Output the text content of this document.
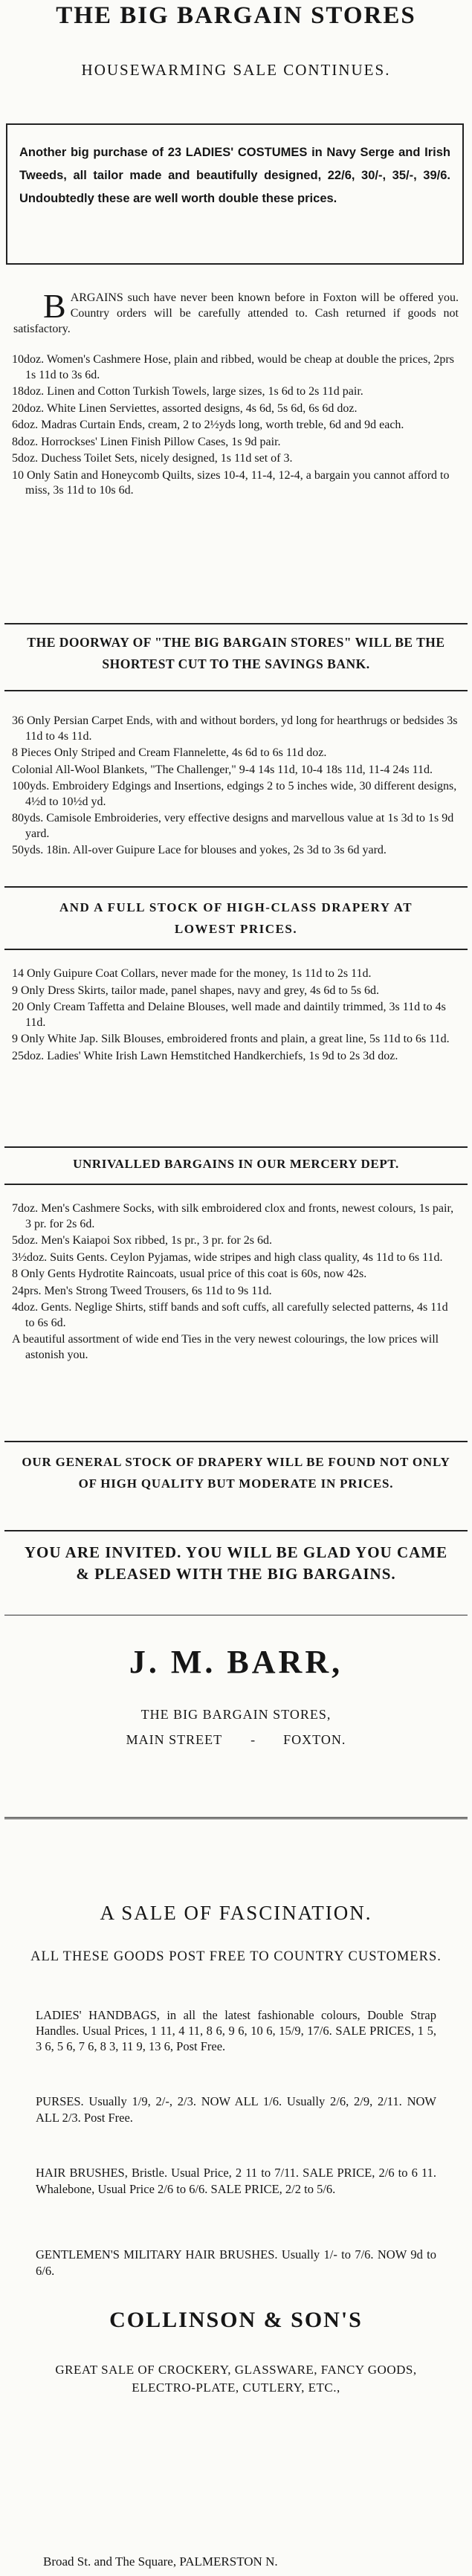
THE BIG BARGAIN STORES
HOUSEWARMING SALE CONTINUES.

Another big purchase of 23 LADIES' COSTUMES in Navy Serge and Irish Tweeds, all tailor made and beautifully designed, 22/6, 30/-, 35/-, 39/6. Undoubtedly these are well worth double these prices.

B ARGAINS such have never been known before in Foxton will be offered you. Country orders will be carefully attended to. Cash returned if goods not satisfactory.

10doz. Women's Cashmere Hose, plain and ribbed, would be cheap at double the prices, 2prs 1s 11d to 3s 6d.

18doz. Linen and Cotton Turkish Towels, large sizes, 1s 6d to 2s 11d pair.

20doz. White Linen Serviettes, assorted designs, 4s 6d, 5s 6d, 6s 6d doz.

6doz. Madras Curtain Ends, cream, 2 to 2½yds long, worth treble, 6d and 9d each.

8doz. Horrockses' Linen Finish Pillow Cases, 1s 9d pair.

5doz. Duchess Toilet Sets, nicely designed, 1s 11d set of 3.

10 Only Satin and Honeycomb Quilts, sizes 10-4, 11-4, 12-4, a bargain you cannot afford to miss, 3s 11d to 10s 6d.

THE DOORWAY OF "THE BIG BARGAIN STORES" WILL BE THE SHORTEST CUT TO THE SAVINGS BANK.

36 Only Persian Carpet Ends, with and without borders, yd long for hearthrugs or bedsides 3s 11d to 4s 11d.

8 Pieces Only Striped and Cream Flannelette, 4s 6d to 6s 11d doz.

Colonial All-Wool Blankets, "The Challenger," 9-4 14s 11d, 10-4 18s 11d, 11-4 24s 11d.

100yds. Embroidery Edgings and Insertions, edgings 2 to 5 inches wide, 30 different designs, 4½d to 10½d yd.

80yds. Camisole Embroideries, very effective designs and marvellous value at 1s 3d to 1s 9d yard.

50yds. 18in. All-over Guipure Lace for blouses and yokes, 2s 3d to 3s 6d yard.

AND A FULL STOCK OF HIGH-CLASS DRAPERY AT LOWEST PRICES.

14 Only Guipure Coat Collars, never made for the money, 1s 11d to 2s 11d.

9 Only Dress Skirts, tailor made, panel shapes, navy and grey, 4s 6d to 5s 6d.

20 Only Cream Taffetta and Delaine Blouses, well made and daintily trimmed, 3s 11d to 4s 11d.

9 Only White Jap. Silk Blouses, embroidered fronts and plain, a great line, 5s 11d to 6s 11d.

25doz. Ladies' White Irish Lawn Hemstitched Handkerchiefs, 1s 9d to 2s 3d doz.

UNRIVALLED BARGAINS IN OUR MERCERY DEPT.

7doz. Men's Cashmere Socks, with silk embroidered clox and fronts, newest colours, 1s pair, 3 pr. for 2s 6d.

5doz. Men's Kaiapoi Sox ribbed, 1s pr., 3 pr. for 2s 6d.

3½doz. Suits Gents. Ceylon Pyjamas, wide stripes and high class quality, 4s 11d to 6s 11d.

8 Only Gents Hydrotite Raincoats, usual price of this coat is 60s, now 42s.

24prs. Men's Strong Tweed Trousers, 6s 11d to 9s 11d.

4doz. Gents. Neglige Shirts, stiff bands and soft cuffs, all carefully selected patterns, 4s 11d to 6s 6d.

A beautiful assortment of wide end Ties in the very newest colourings, the low prices will astonish you.

OUR GENERAL STOCK OF DRAPERY WILL BE FOUND NOT ONLY OF HIGH QUALITY BUT MODERATE IN PRICES.

YOU ARE INVITED. YOU WILL BE GLAD YOU CAME & PLEASED WITH THE BIG BARGAINS.

J. M. BARR,
THE BIG BARGAIN STORES,
MAIN STREET - FOXTON.
A SALE OF FASCINATION.

ALL THESE GOODS POST FREE TO COUNTRY CUSTOMERS.

LADIES' HANDBAGS, in all the latest fashionable colours, Double Strap Handles. Usual Prices, 1 11, 4 11, 8 6, 9 6, 10 6, 15/9, 17/6. SALE PRICES, 1 5, 3 6, 5 6, 7 6, 8 3, 11 9, 13 6, Post Free.

PURSES. Usually 1/9, 2/-, 2/3. NOW ALL 1/6. Usually 2/6, 2/9, 2/11. NOW ALL 2/3. Post Free.

HAIR BRUSHES, Bristle. Usual Price, 2 11 to 7/11. SALE PRICE, 2/6 to 6 11. Whalebone, Usual Price 2/6 to 6/6. SALE PRICE, 2/2 to 5/6.

GENTLEMEN'S MILITARY HAIR BRUSHES. Usually 1/- to 7/6. NOW 9d to 6/6.

COLLINSON & SON'S

GREAT SALE OF CROCKERY, GLASSWARE, FANCY GOODS, ELECTRO-PLATE, CUTLERY, ETC.,

Broad St. and The Square, PALMERSTON N.
